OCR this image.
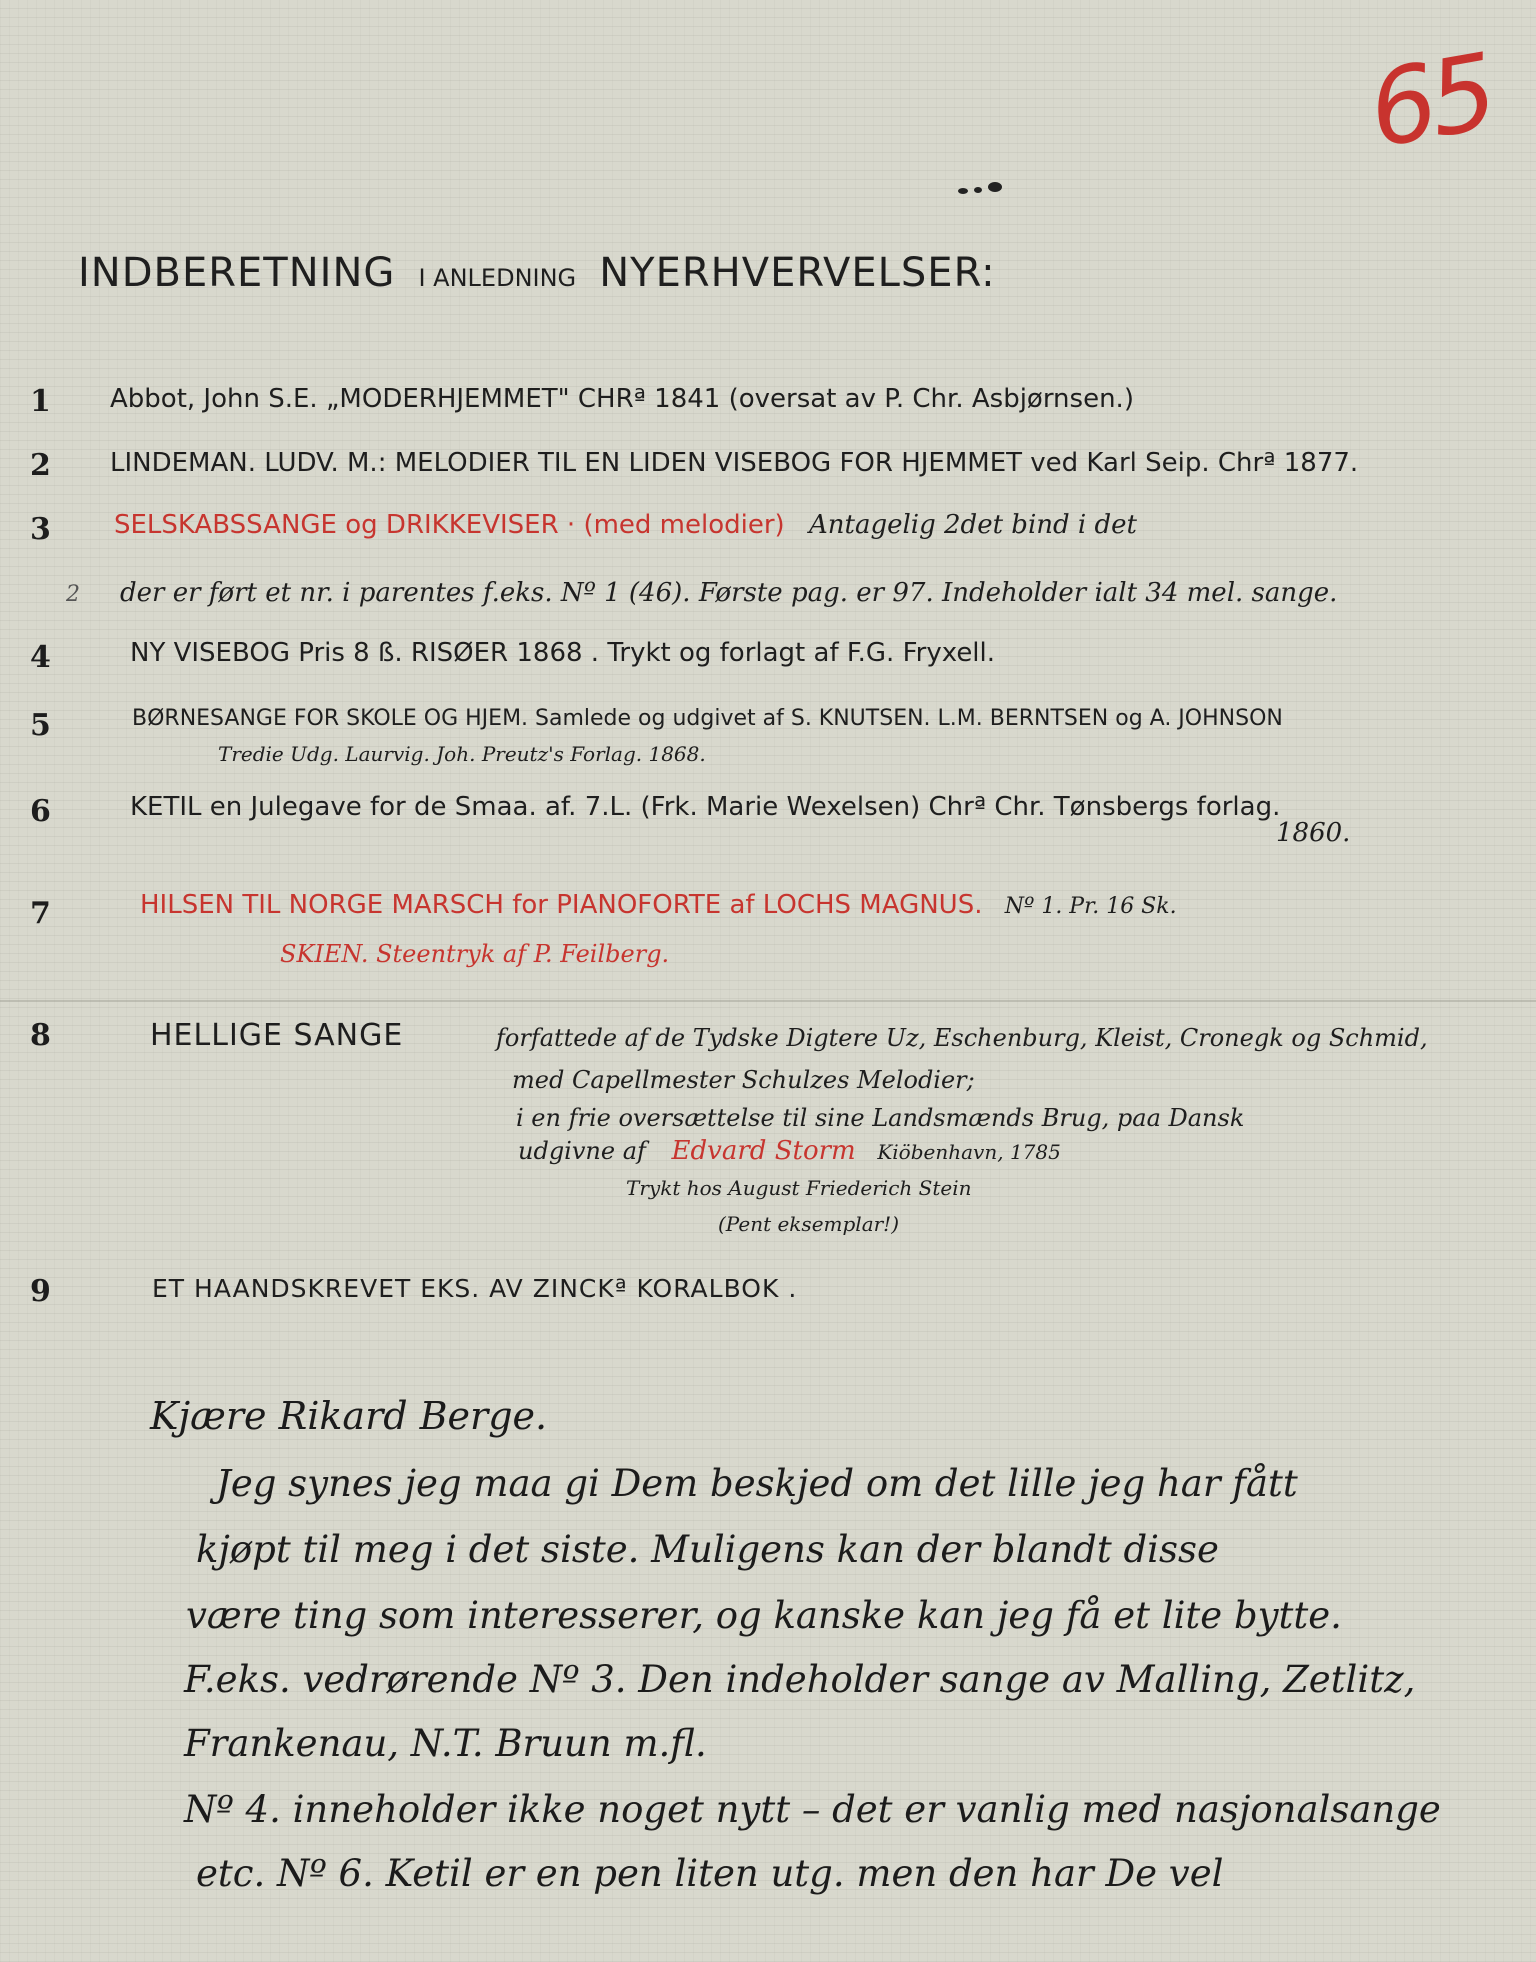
65
INDBERETNING I ANLEDNING NYERHVERVELSER:
1 Abbot, John S.E. „MODERHJEMMET" CHRª 1841 (oversat av P. Chr. Asbjørnsen.)
2 LINDEMAN. LUDV. M.: MELODIER TIL EN LIDEN VISEBOG FOR HJEMMET ved Karl Seip. Chrª 1877.
3 SELSKABSSANGE og DRIKKEVISER · (med melodier) Antagelig 2det bind i det
der er ført et nr. i parentes f.eks. Nº 1 (46). Første pag. er 97. Indeholder ialt 34 mel. sange.
4	NY VISEBOG Pris 8 ß. RISØER 1868 . Trykt og forlagt af F.G. Fryxell.
5	BØRNESANGE FOR SKOLE OG HJEM. Samlede og udgivet af S. KNUTSEN. L.M. BERNTSEN og A. JOHNSON
Tredie Udg. Laurvig. Joh. Preutz's Forlag. 1868.
6	KETIL en Julegave for de Smaa. af. 7.L. (Frk. Marie Wexelsen) Chrª Chr. Tønsbergs forlag.
1860.
7	HILSEN TIL NORGE MARSCH for PIANOFORTE af LOCHS MAGNUS. Nº 1. Pr. 16 Sk.
SKIEN. Steentryk af P. Feilberg.
8	HELLIGE SANGE	forfattede af de Tydske Digtere Uz, Eschenburg, Kleist, Cronegk og Schmid,
med Capellmester Schulzes Melodier;
i en frie oversættelse til sine Landsmænds Brug, paa Dansk
udgivne af Edvard Storm Kiöbenhavn, 1785
Trykt hos August Friederich Stein
(Pent eksemplar!)
9	ET HAANDSKREVET EKS. AV ZINCKª KORALBOK .
2
Kjære Rikard Berge.
Jeg synes jeg maa gi Dem beskjed om det lille jeg har fått
kjøpt til meg i det siste. Muligens kan der blandt disse
være ting som interesserer, og kanske kan jeg få et lite bytte.
F.eks. vedrørende Nº 3. Den indeholder sange av Malling, Zetlitz,
Frankenau, N.T. Bruun m.fl.
Nº 4. inneholder ikke noget nytt – det er vanlig med nasjonalsange
etc. Nº 6. Ketil er en pen liten utg. men den har De vel
